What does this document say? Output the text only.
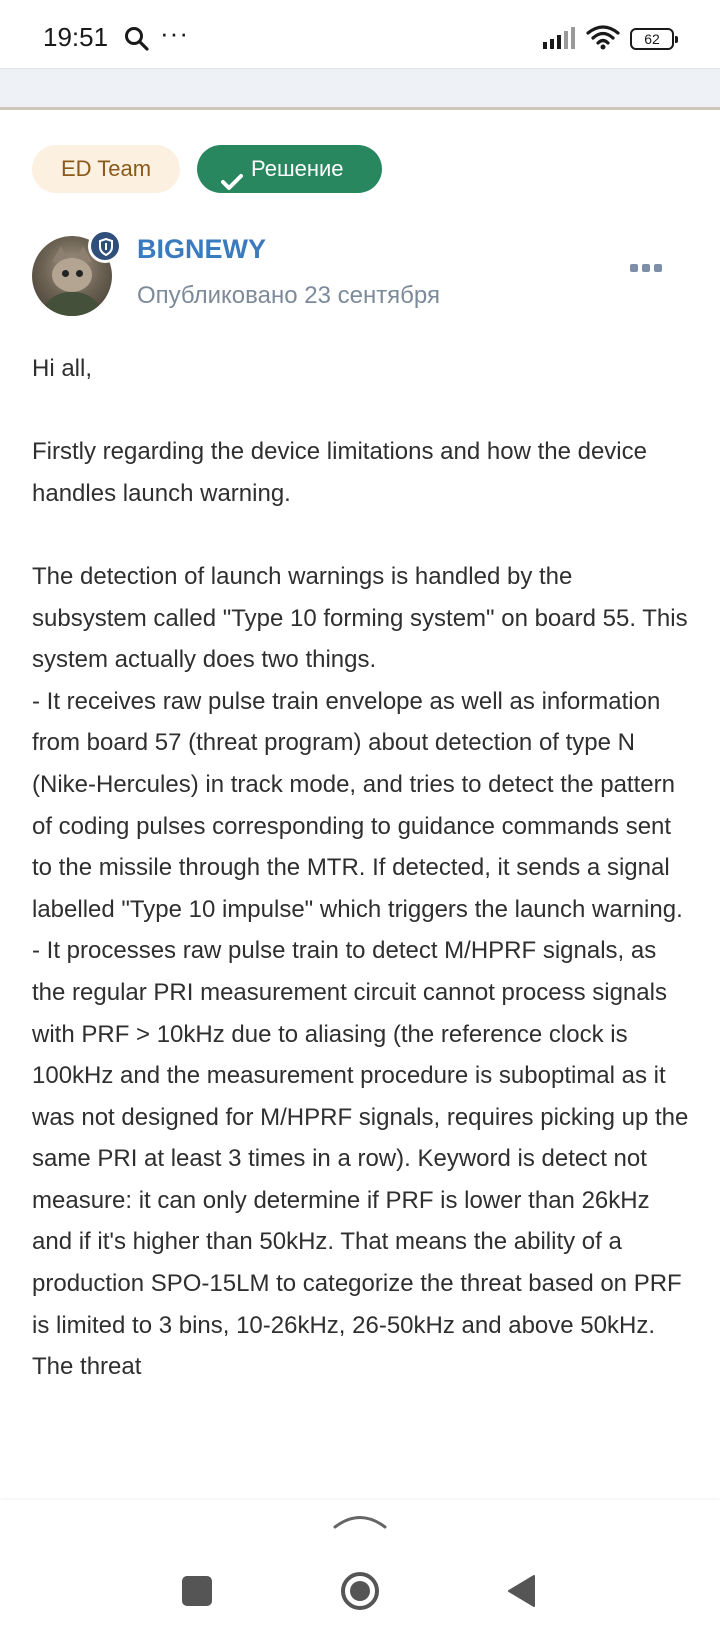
19:51 ···	62
ED Team	Решение
BIGNEWY
Опубликовано 23 сентября

Hi all,

Firstly regarding the device limitations and how the device handles launch warning.

The detection of launch warnings is handled by the subsystem called "Type 10 forming system" on board 55. This system actually does two things.

- It receives raw pulse train envelope as well as information from board 57 (threat program) about detection of type N (Nike-Hercules) in track mode, and tries to detect the pattern of coding pulses corresponding to guidance commands sent to the missile through the MTR. If detected, it sends a signal labelled "Type 10 impulse" which triggers the launch warning.

- It processes raw pulse train to detect M/HPRF signals, as the regular PRI measurement circuit cannot process signals with PRF > 10kHz due to aliasing (the reference clock is 100kHz and the measurement procedure is suboptimal as it was not designed for M/HPRF signals, requires picking up the same PRI at least 3 times in a row). Keyword is detect not measure: it can only determine if PRF is lower than 26kHz and if it's higher than 50kHz. That means the ability of a production SPO-15LM to categorize the threat based on PRF is limited to 3 bins, 10-26kHz, 26-50kHz and above 50kHz. The threat
